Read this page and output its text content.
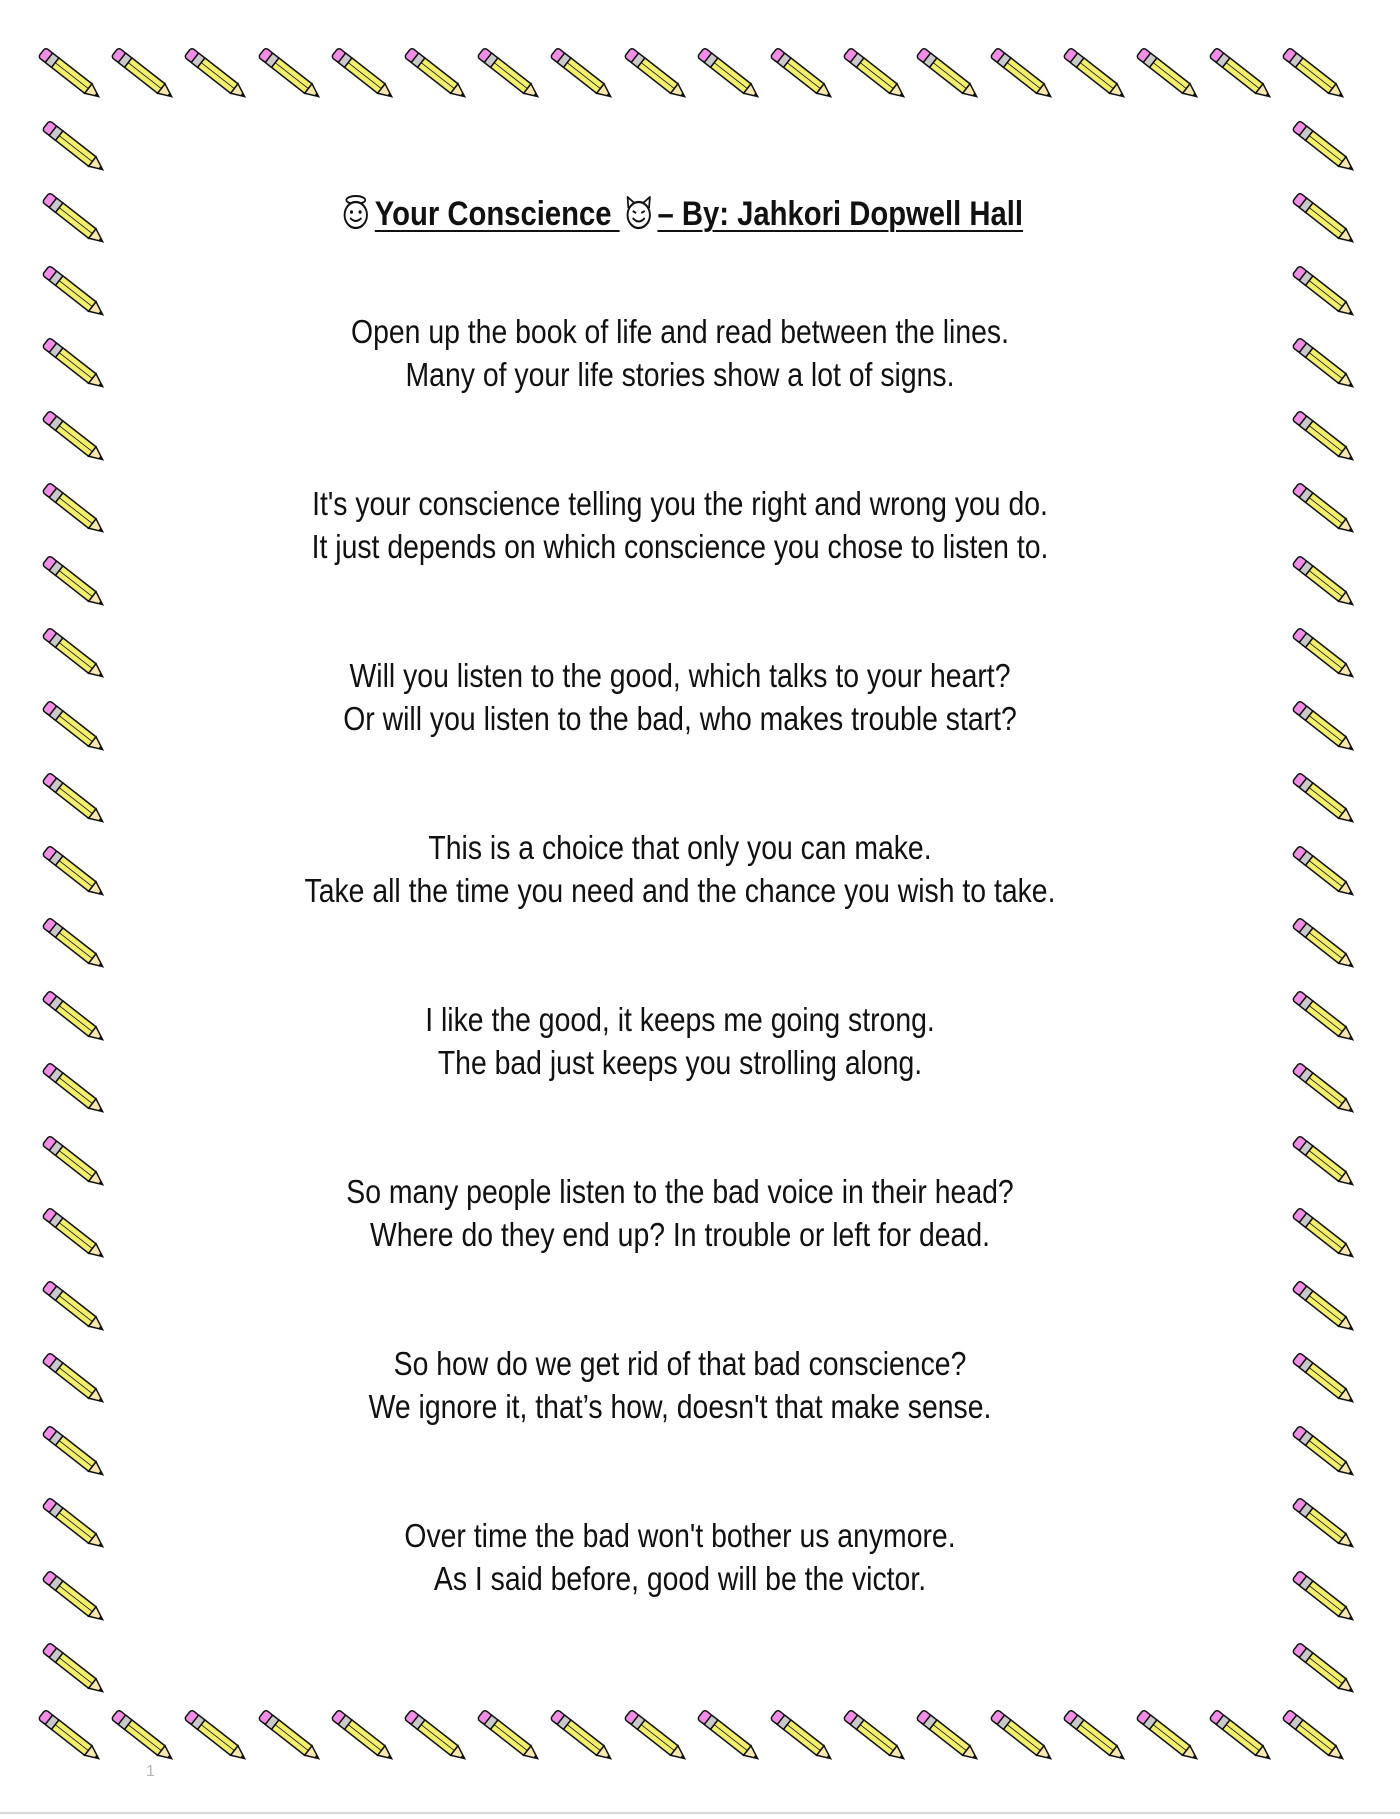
Your Conscience – By: Jahkori Dopwell Hall
Open up the book of life and read between the lines.
Many of your life stories show a lot of signs.
It's your conscience telling you the right and wrong you do.
It just depends on which conscience you chose to listen to.
Will you listen to the good, which talks to your heart?
Or will you listen to the bad, who makes trouble start?
This is a choice that only you can make.
Take all the time you need and the chance you wish to take.
I like the good, it keeps me going strong.
The bad just keeps you strolling along.
So many people listen to the bad voice in their head?
Where do they end up? In trouble or left for dead.
So how do we get rid of that bad conscience?
We ignore it, that’s how, doesn't that make sense.
Over time the bad won't bother us anymore.
As I said before, good will be the victor.
1
